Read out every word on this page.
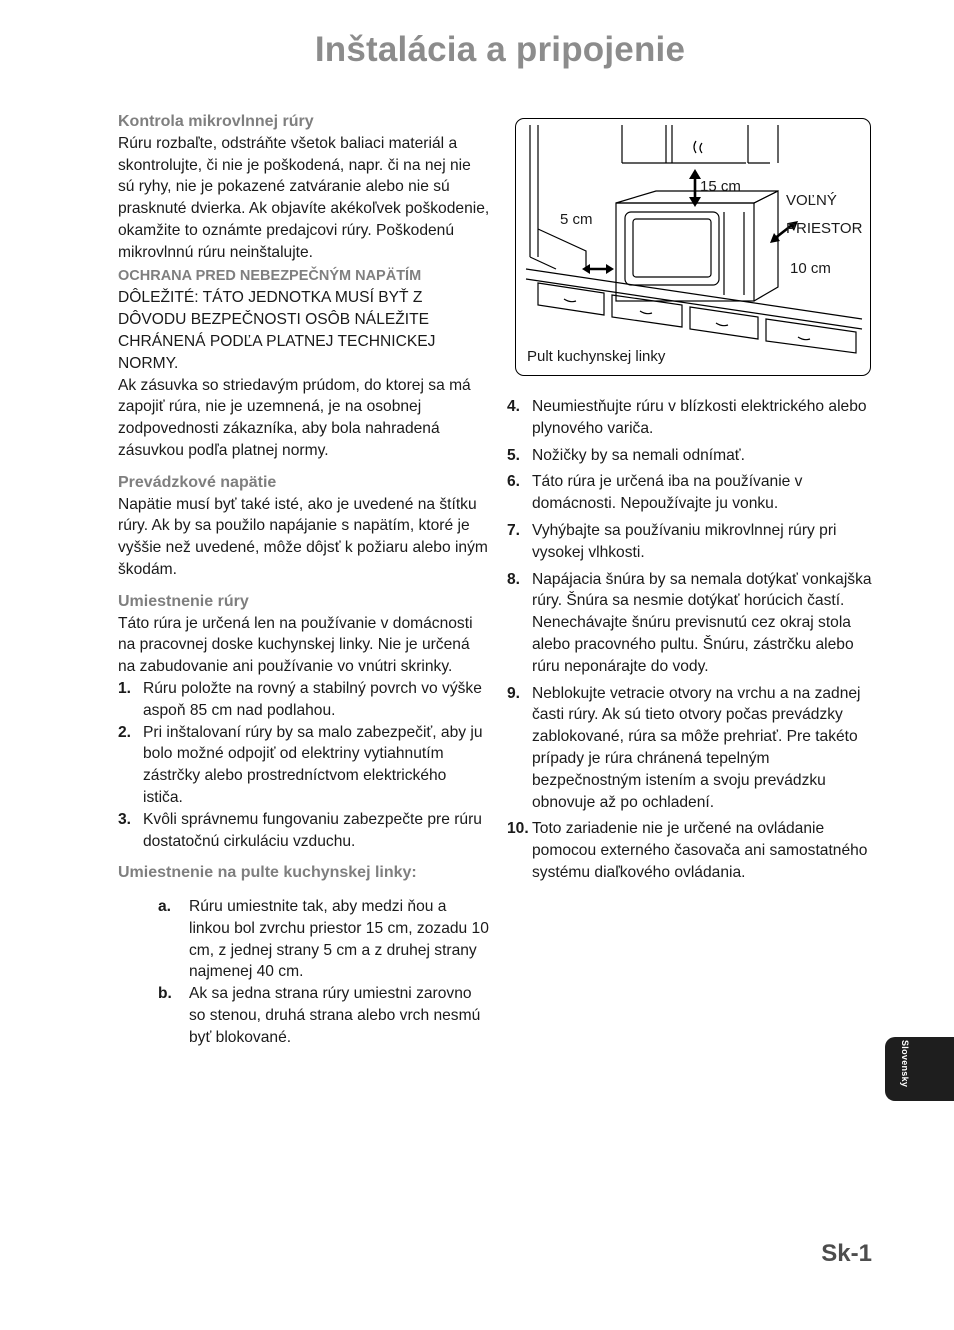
Inštalácia a pripojenie
Kontrola mikrovlnnej rúry

Rúru rozbaľte, odstráňte všetok baliaci materiál a skontrolujte, či nie je poškodená, napr. či na nej nie sú ryhy, nie je pokazené zatváranie alebo nie sú prasknuté dvierka. Ak objavíte akékoľvek poškodenie, okamžite to oznámte predajcovi rúry. Poškodenú mikrovlnnú rúru neinštalujte.

OCHRANA PRED NEBEZPEČNÝM NAPÄTÍM

DÔLEŽITÉ: TÁTO JEDNOTKA MUSÍ BYŤ Z DÔVODU BEZPEČNOSTI OSÔB NÁLEŽITE CHRÁNENÁ PODĽA PLATNEJ TECHNICKEJ NORMY.

Ak zásuvka so striedavým prúdom, do ktorej sa má zapojiť rúra, nie je uzemnená, je na osobnej zodpovednosti zákazníka, aby bola nahradená zásuvkou podľa platnej normy.

Prevádzkové napätie

Napätie musí byť také isté, ako je uvedené na štítku rúry. Ak by sa použilo napájanie s napätím, ktoré je vyššie než uvedené, môže dôjsť k požiaru alebo iným škodám.

Umiestnenie rúry

Táto rúra je určená len na používanie v domácnosti na pracovnej doske kuchynskej linky. Nie je určená na zabudovanie ani používanie vo vnútri skrinky.

1. Rúru položte na rovný a stabilný povrch vo výške aspoň 85 cm nad podlahou.
2. Pri inštalovaní rúry by sa malo zabezpečiť, aby ju bolo možné odpojiť od elektriny vytiahnutím zástrčky alebo prostredníctvom elektrického ističa.
3. Kvôli správnemu fungovaniu zabezpečte pre rúru dostatočnú cirkuláciu vzduchu.
Umiestnenie na pulte kuchynskej linky:
a. Rúru umiestnite tak, aby medzi ňou a linkou bol zvrchu priestor 15 cm, zozadu 10 cm, z jednej strany 5 cm a z druhej strany najmenej 40 cm.
b. Ak sa jedna strana rúry umiestni zarovno so stenou, druhá strana alebo vrch nesmú byť blokované.
15 cm
5 cm
VOĽNÝ
PRIESTOR
10 cm
Pult kuchynskej linky
4. Neumiestňujte rúru v blízkosti elektrického alebo plynového variča.
5. Nožičky by sa nemali odnímať.
6. Táto rúra je určená iba na používanie v domácnosti. Nepoužívajte ju vonku.
7. Vyhýbajte sa používaniu mikrovlnnej rúry pri vysokej vlhkosti.
8. Napájacia šnúra by sa nemala dotýkať vonkajška rúry. Šnúra sa nesmie dotýkať horúcich častí. Nenechávajte šnúru previsnutú cez okraj stola alebo pracovného pultu. Šnúru, zástrčku alebo rúru neponárajte do vody.
9. Neblokujte vetracie otvory na vrchu a na zadnej časti rúry. Ak sú tieto otvory počas prevádzky zablokované, rúra sa môže prehriať. Pre takéto prípady je rúra chránená tepelným bezpečnostným istením a svoju prevádzku obnovuje až po ochladení.
10. Toto zariadenie nie je určené na ovládanie pomocou externého časovača ani samostatného systému diaľkového ovládania.
Slovensky
Sk-1
